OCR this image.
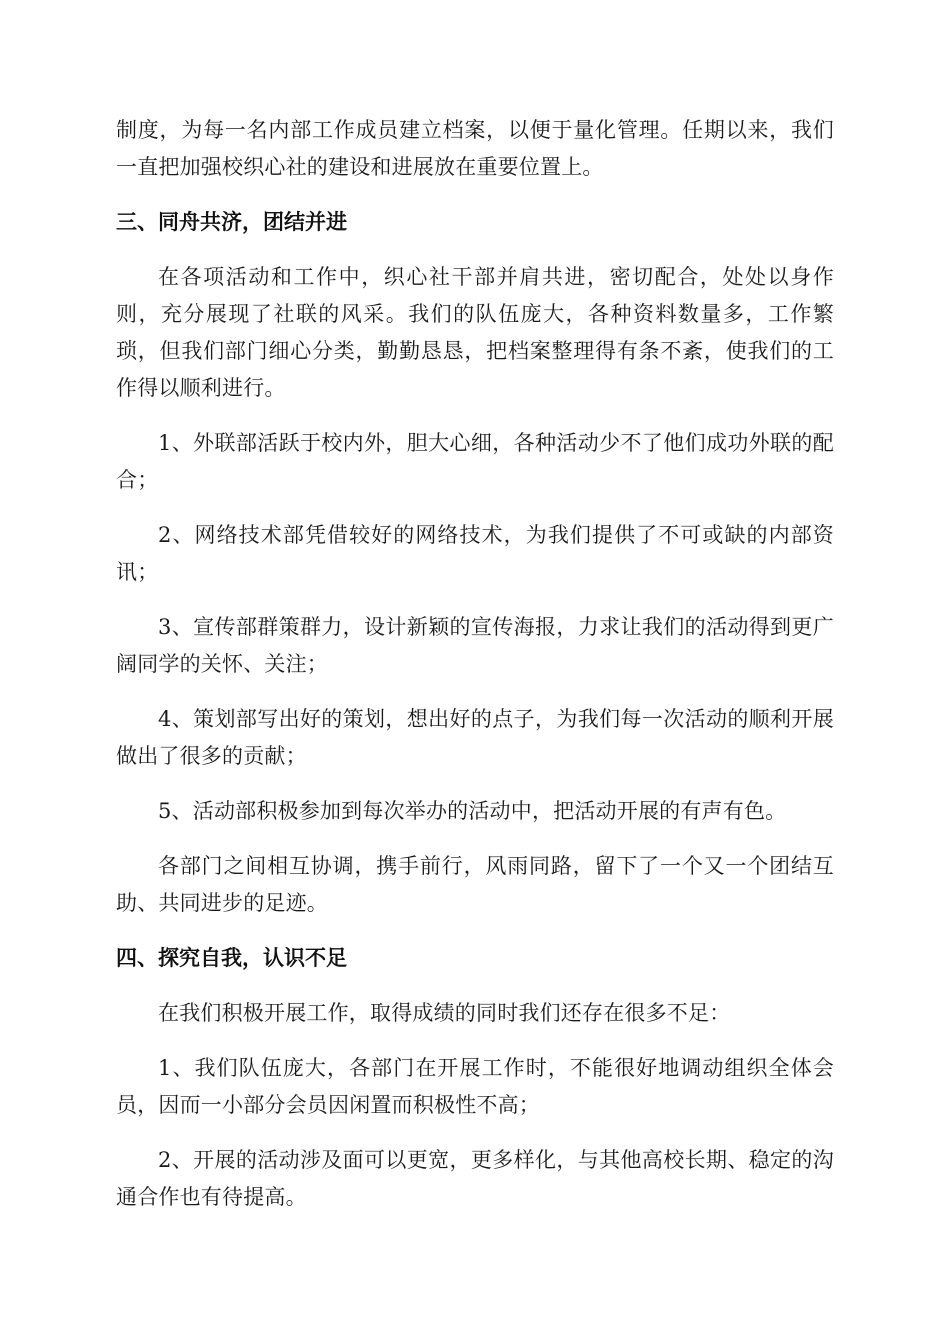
制度，为每一名内部工作成员建立档案，以便于量化管理。任期以来，我们一直把加强校织心社的建设和进展放在重要位置上。

三、同舟共济，团结并进

在各项活动和工作中，织心社干部并肩共进，密切配合，处处以身作则，充分展现了社联的风采。我们的队伍庞大，各种资料数量多，工作繁琐，但我们部门细心分类，勤勤恳恳，把档案整理得有条不紊，使我们的工作得以顺利进行。

1、外联部活跃于校内外，胆大心细，各种活动少不了他们成功外联的配合；

2、网络技术部凭借较好的网络技术，为我们提供了不可或缺的内部资讯；

3、宣传部群策群力，设计新颖的宣传海报，力求让我们的活动得到更广阔同学的关怀、关注；

4、策划部写出好的策划，想出好的点子，为我们每一次活动的顺利开展做出了很多的贡献；

5、活动部积极参加到每次举办的活动中，把活动开展的有声有色。

各部门之间相互协调，携手前行，风雨同路，留下了一个又一个团结互助、共同进步的足迹。

四、探究自我，认识不足

在我们积极开展工作，取得成绩的同时我们还存在很多不足：

1、我们队伍庞大，各部门在开展工作时，不能很好地调动组织全体会员，因而一小部分会员因闲置而积极性不高；

2、开展的活动涉及面可以更宽，更多样化，与其他高校长期、稳定的沟通合作也有待提高。
